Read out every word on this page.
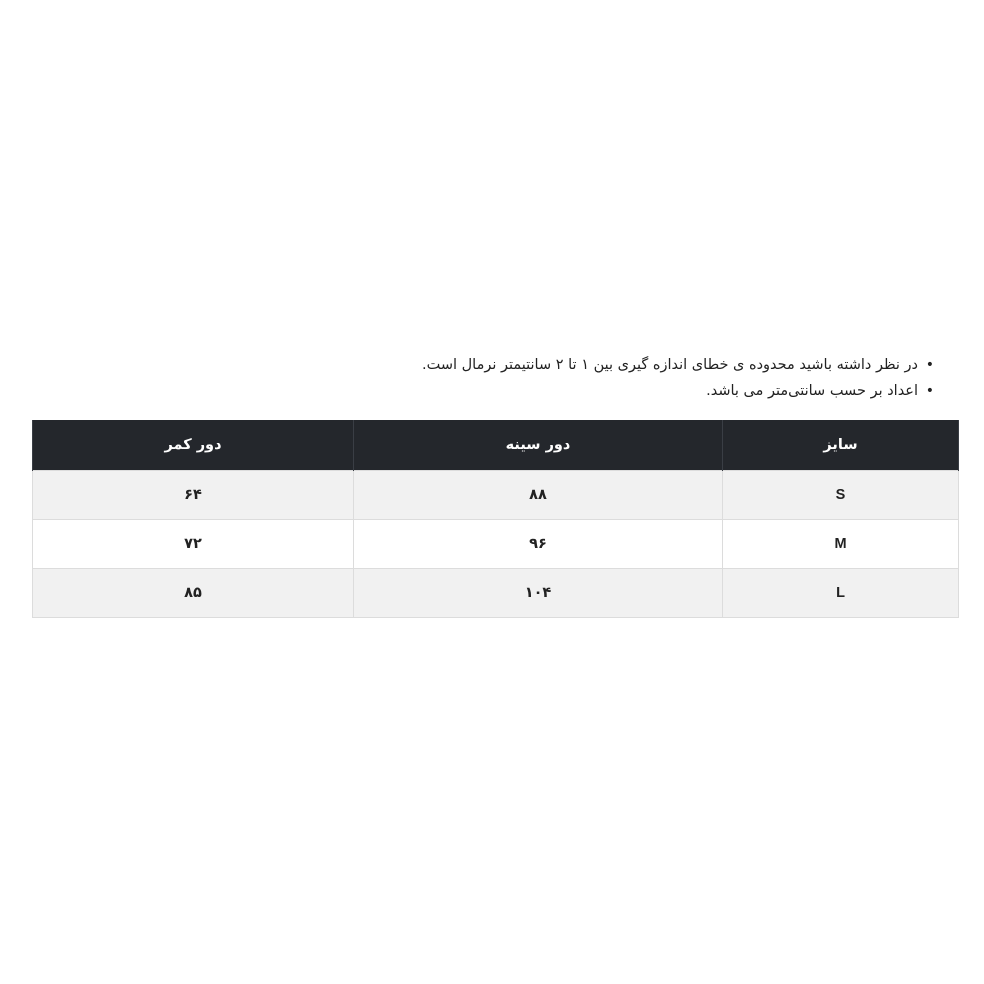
•
در نظر داشته باشید محدوده ی خطای اندازه گیری بین ۱ تا ۲ سانتیمتر نرمال است.
•
اعداد بر حسب سانتی‌متر می باشد.
سایز	دور سینه	دور کمر
S	۸۸	۶۴
M	۹۶	۷۲
L	۱۰۴	۸۵
